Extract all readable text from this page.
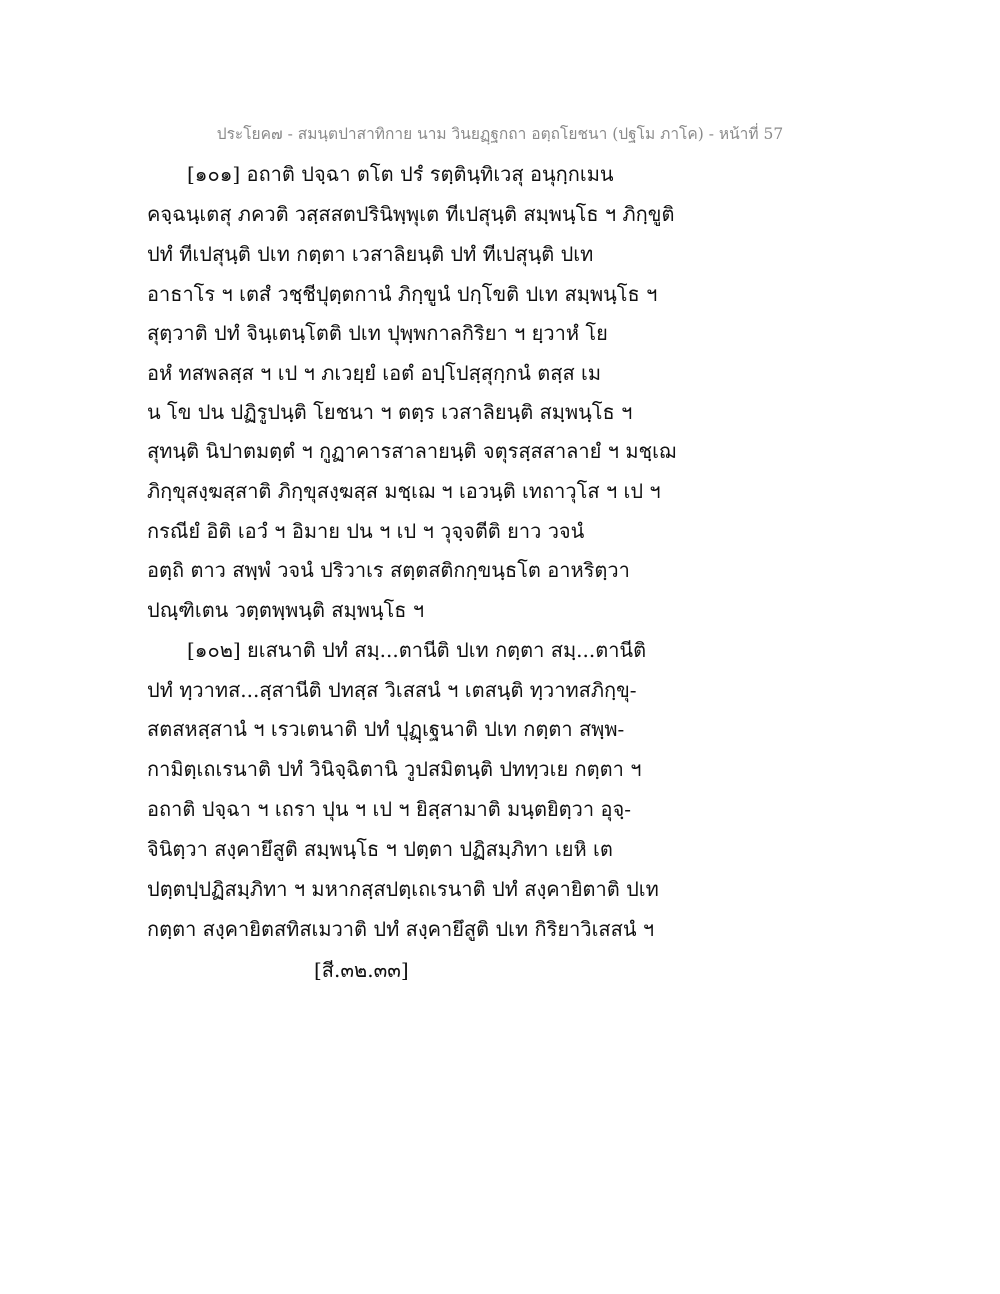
ประโยค๗ - สมนฺตปาสาทิกาย นาม วินยฏฺฐกถา อตฺถโยชนา (ปฐโม ภาโค) - หน้าที่ 57
[๑๐๑] อถาติ ปจฺฉา ตโต ปรํ รตฺตินฺทิเวสุ อนุกฺกเมน
คจฺฉนฺเตสุ ภควติ วสฺสสตปรินิพฺพุเต ทีเปสุนฺติ สมฺพนฺโธ ฯ ภิกฺขูติ
ปทํ ทีเปสุนฺติ ปเท กตฺตา เวสาลิยนฺติ ปทํ ทีเปสุนฺติ ปเท
อาธาโร ฯ เตสํ วชฺชีปุตฺตกานํ ภิกฺขูนํ ปกฺโขติ ปเท สมฺพนฺโธ ฯ
สุตฺวาติ ปทํ จินฺเตนฺโตติ ปเท ปุพฺพกาลกิริยา ฯ ยฺวาหํ โย
อหํ ทสพลสฺส ฯ เป ฯ ภเวยฺยํ เอตํ อปฺโปสฺสุกฺกนํ ตสฺส เม
น โข ปน ปฏิรูปนฺติ โยชนา ฯ ตตฺร เวสาลิยนฺติ สมฺพนฺโธ ฯ
สุทนฺติ นิปาตมตฺตํ ฯ กูฏาคารสาลายนฺติ จตุรสฺสสาลายํ ฯ มชฺเฌ
ภิกฺขุสงฺฆสฺสาติ ภิกฺขุสงฺฆสฺส มชฺเฌ ฯ เอวนฺติ เทถาวุโส ฯ เป ฯ
กรณียํ อิติ เอวํ ฯ อิมาย ปน ฯ เป ฯ วุจฺจตีติ ยาว วจนํ
อตฺถิ ตาว สพฺพํ วจนํ ปริวาเร สตฺตสติกกฺขนฺธโต อาหริตฺวา
ปณฺฑิเตน วตฺตพฺพนฺติ สมฺพนฺโธ ฯ
[๑๐๒] ยเสนาติ ปทํ สมฺ...ตานีติ ปเท กตฺตา สมฺ...ตานีติ
ปทํ ทฺวาทส...สฺสานีติ ปทสฺส วิเสสนํ ฯ เตสนฺติ ทฺวาทสภิกฺขุ-
สตสหสฺสานํ ฯ เรวเตนาติ ปทํ ปุฏฺเฐนาติ ปเท กตฺตา สพฺพ-
กามิตฺเถเรนาติ ปทํ วินิจฺฉิตานิ วูปสมิตนฺติ ปททฺวเย กตฺตา ฯ
อถาติ ปจฺฉา ฯ เถรา ปุน ฯ เป ฯ ยิสฺสามาติ มนฺตยิตฺวา อุจฺ-
จินิตฺวา สงฺคายึสูติ สมฺพนฺโธ ฯ ปตฺตา ปฏิสมฺภิทา เยหิ เต
ปตฺตปฺปฏิสมฺภิทา ฯ มหากสฺสปตฺเถเรนาติ ปทํ สงฺคายิตาติ ปเท
กตฺตา สงฺคายิตสทิสเมวาติ ปทํ สงฺคายึสูติ ปเท กิริยาวิเสสนํ ฯ
[สี.๓๒.๓๓]
